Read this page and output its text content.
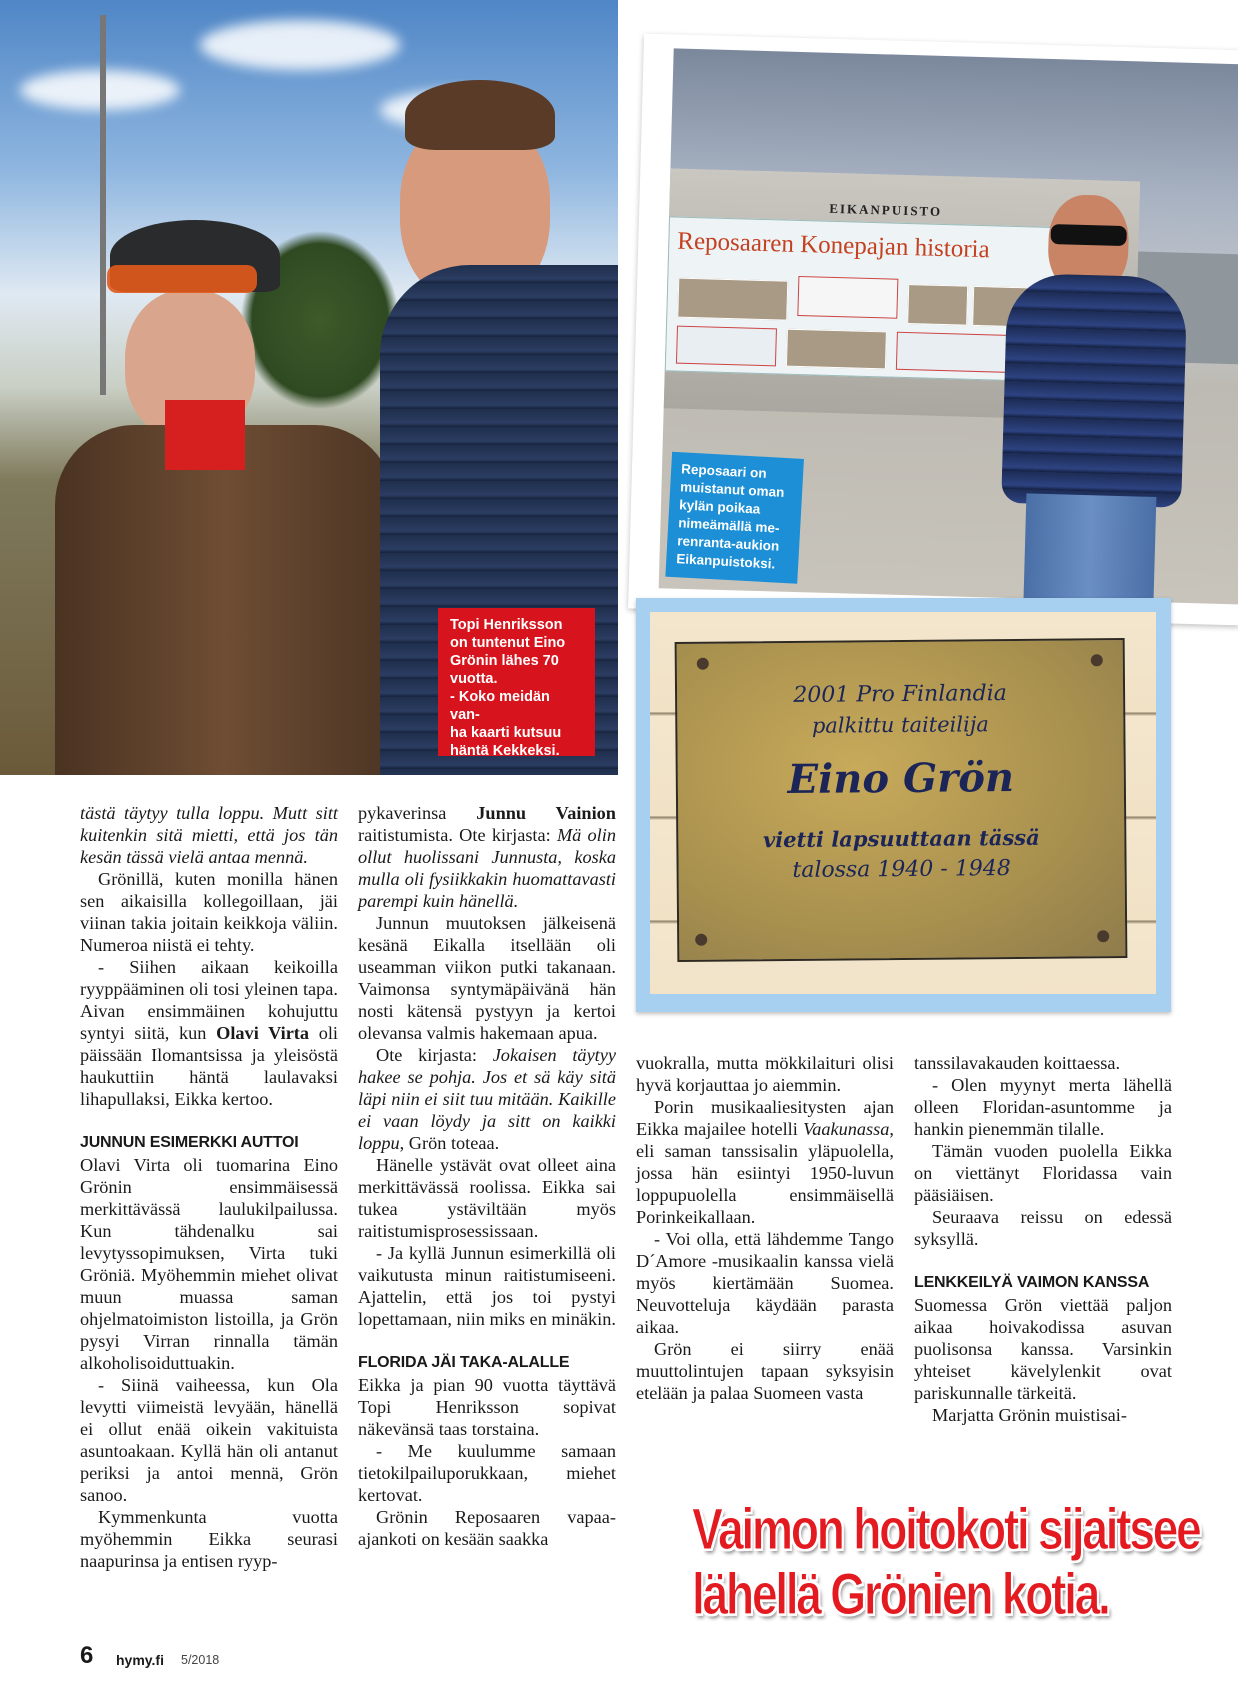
Topi Henriksson
on tuntenut Eino
Grönin lähes 70
vuotta.
- Koko meidän van-
ha kaarti kutsuu
häntä Kekkeksi.
EIKANPUISTO
Reposaaren Konepajan historia
Reposaari on
muistanut oman
kylän poikaa
nimeämällä me-
renranta-aukion
Eikanpuistoksi.
2001 Pro Finlandia
palkittu taiteilija
Eino Grön
vietti lapsuuttaan tässä
talossa 1940 - 1948

tästä täytyy tulla loppu. Mutt sitt kuitenkin sitä mietti, että jos tän kesän tässä vielä antaa mennä.

Grönillä, kuten monilla hänen sen aikaisilla kollegoillaan, jäi viinan takia joitain keikkoja väliin. Numeroa niistä ei tehty.

- Siihen aikaan keikoilla ryyppääminen oli tosi yleinen tapa. Aivan ensimmäinen kohujuttu syntyi siitä, kun Olavi Virta oli päissään Ilomantsissa ja yleisöstä haukuttiin häntä laulavaksi lihapullaksi, Eikka kertoo.

JUNNUN ESIMERKKI AUTTOI

Olavi Virta oli tuomarina Eino Grönin ensimmäisessä merkittävässä laulukilpailussa. Kun tähdenalku sai levytyssopimuksen, Virta tuki Gröniä. Myöhemmin miehet olivat muun muassa saman ohjelmatoimiston listoilla, ja Grön pysyi Virran rinnalla tämän alkoholisoiduttuakin.

- Siinä vaiheessa, kun Ola levytti viimeistä levyään, hänellä ei ollut enää oikein vakituista asuntoakaan. Kyllä hän oli antanut periksi ja antoi mennä, Grön sanoo.

Kymmenkunta vuotta myöhemmin Eikka seurasi naapurinsa ja entisen ryyp-

pykaverinsa Junnu Vainion raitistumista. Ote kirjasta: Mä olin ollut huolissani Junnusta, koska mulla oli fysiikkakin huomattavasti parempi kuin hänellä.

Junnun muutoksen jälkeisenä kesänä Eikalla itsellään oli useamman viikon putki takanaan. Vaimonsa syntymäpäivänä hän nosti kätensä pystyyn ja kertoi olevansa valmis hakemaan apua.

Ote kirjasta: Jokaisen täytyy hakee se pohja. Jos et sä käy sitä läpi niin ei siit tuu mitään. Kaikille ei vaan löydy ja sitt on kaikki loppu, Grön toteaa.

Hänelle ystävät ovat olleet aina merkittävässä roolissa. Eikka sai tukea ystäviltään myös raitistumisprosessissaan.

- Ja kyllä Junnun esimerkillä oli vaikutusta minun raitistumiseeni. Ajattelin, että jos toi pystyi lopettamaan, niin miks en minäkin.

FLORIDA JÄI TAKA-ALALLE

Eikka ja pian 90 vuotta täyttävä Topi Henriksson sopivat näkevänsä taas torstaina.

- Me kuulumme samaan tietokilpailuporukkaan, miehet kertovat.

Grönin Reposaaren vapaa-ajankoti on kesään saakka

vuokralla, mutta mökkilaituri olisi hyvä korjauttaa jo aiemmin.

Porin musikaaliesitysten ajan Eikka majailee hotelli Vaakunassa, eli saman tanssisalin yläpuolella, jossa hän esiintyi 1950-luvun loppupuolella ensimmäisellä Porinkeikallaan.

- Voi olla, että lähdemme Tango D´Amore -musikaalin kanssa vielä myös kiertämään Suomea. Neuvotteluja käydään parasta aikaa.

Grön ei siirry enää muuttolintujen tapaan syksyisin etelään ja palaa Suomeen vasta

tanssilavakauden koittaessa.

- Olen myynyt merta lähellä olleen Floridan-asuntomme ja hankin pienemmän tilalle.

Tämän vuoden puolella Eikka on viettänyt Floridassa vain pääsiäisen.

Seuraava reissu on edessä syksyllä.

LENKKEILYÄ VAIMON KANSSA

Suomessa Grön viettää paljon aikaa hoivakodissa asuvan puolisonsa kanssa. Varsinkin yhteiset kävelylenkit ovat pariskunnalle tärkeitä.

Marjatta Grönin muistisai-

Vaimon hoitokoti sijaitsee
lähellä Grönien kotia.
6 hymy.fi 5/2018
